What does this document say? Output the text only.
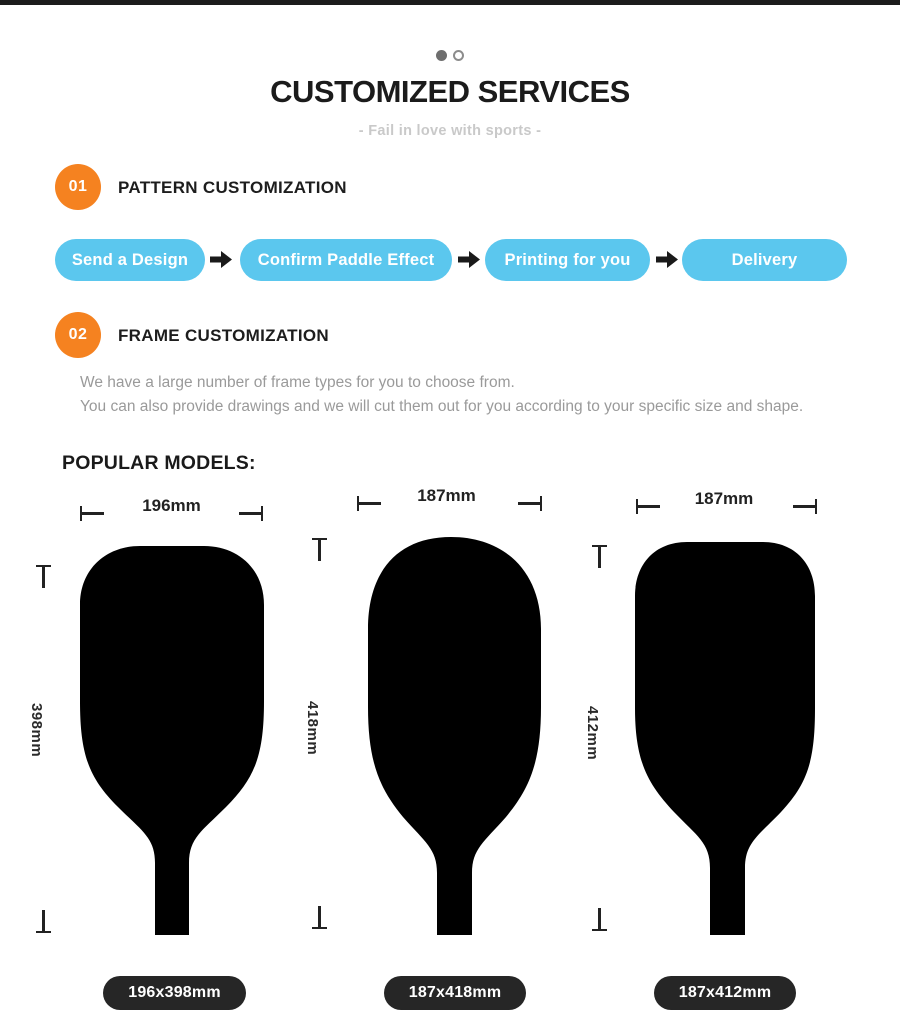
CUSTOMIZED SERVICES
- Fail in love with sports -
01	PATTERN CUSTOMIZATION
Send a Design	Confirm Paddle Effect	Printing for you	Delivery
02	FRAME CUSTOMIZATION
We have a large number of frame types for you to choose from.
You can also provide drawings and we will cut them out for you according to your specific size and shape.
POPULAR MODELS:
196mm
398mm
196x398mm
187mm
418mm
187x418mm
187mm
412mm
187x412mm
